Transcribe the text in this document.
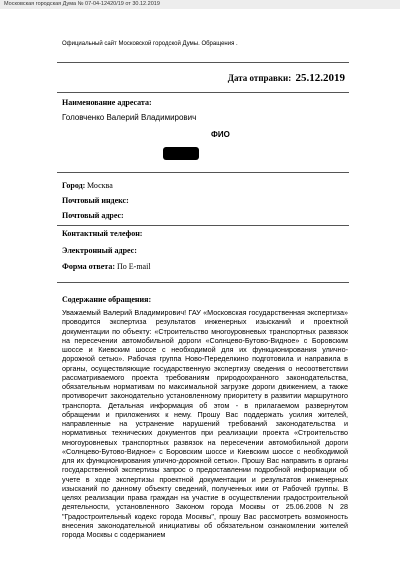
Московская городская Дума № 07-04-12420/19 от 30.12.2019
Официальный сайт Московской городской Думы. Обращения .
Дата отправки: 25.12.2019
Наименование адресата:
Головченко Валерий Владимирович
ФИО
Город: Москва
Почтовый индекс:
Почтовый адрес:
Контактный телефон:
Электронный адрес:
Форма ответа: По E-mail
Содержание обращения:
Уважаемый Валерий Владимирович! ГАУ «Московская государственная экспертиза» проводится экспертиза результатов инженерных изысканий и проектной документации по объекту: «Строительство многоуровневых транспортных развязок на пересечении автомобильной дороги «Солнцево-Бутово-Видное» с Боровским шоссе и Киевским шоссе с необходимой для их функционирования улично-дорожной сетью». Рабочая группа Ново-Переделкино подготовила и направила в органы, осуществляющие государственную экспертизу сведения о несоответствии рассматриваемого проекта требованиям природоохранного законодательства, обязательным нормативам по максимальной загрузке дороги движением, а также противоречит законодательно установленному приоритету в развитии маршрутного транспорта. Детальная информация об этом - в прилагаемом развернутом обращении и приложениях к нему. Прошу Вас поддержать усилия жителей, направленные на устранение нарушений требований законодательства и нормативных технических документов при реализации проекта «Строительство многоуровневых транспортных развязок на пересечении автомобильной дороги «Солнцево-Бутово-Видное» с Боровским шоссе и Киевским шоссе с необходимой для их функционирования улично-дорожной сетью». Прошу Вас направить в органы государственной экспертизы запрос о предоставлении подробной информации об учете в ходе экспертизы проектной документации и результатов инженерных изысканий по данному объекту сведений, полученных ими от Рабочей группы. В целях реализации права граждан на участие в осуществлении градостроительной деятельности, установленного Законом города Москвы от 25.06.2008 N 28 "Градостроительный кодекс города Москвы", прошу Вас рассмотреть возможность внесения законодательной инициативы об обязательном ознакомлении жителей города Москвы с содержанием
